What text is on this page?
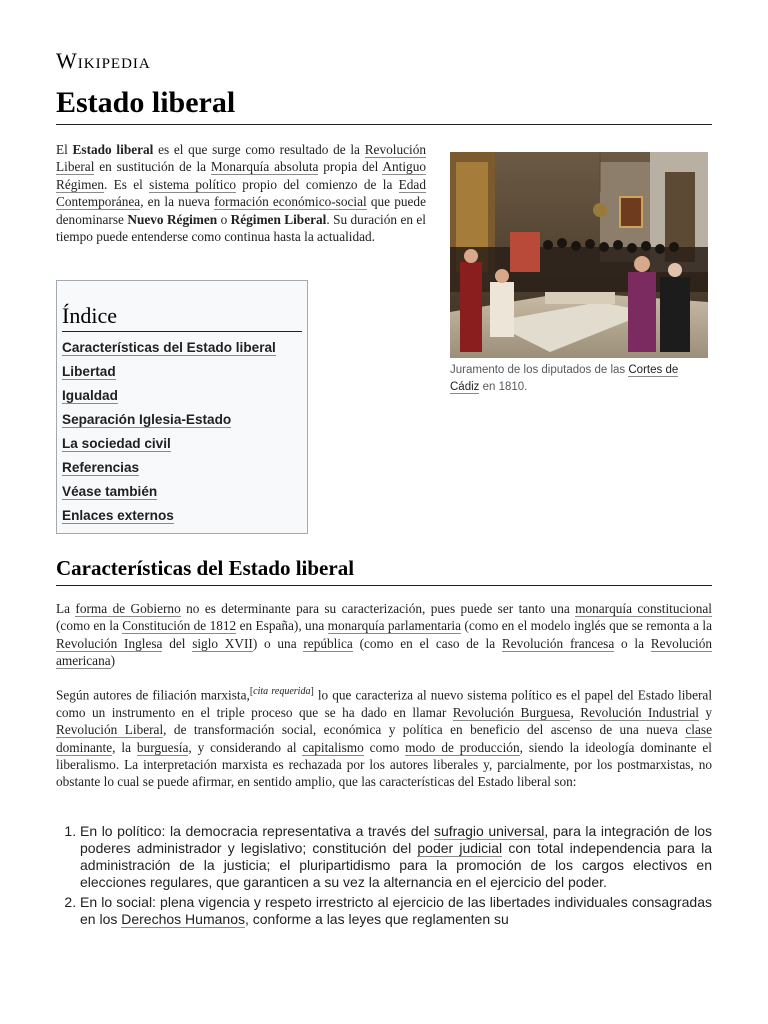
Wikipedia
Estado liberal

El Estado liberal es el que surge como resultado de la Revolución Liberal en sustitución de la Monarquía absoluta propia del Antiguo Régimen. Es el sistema político propio del comienzo de la Edad Contemporánea, en la nueva formación económico-social que puede denominarse Nuevo Régimen o Régimen Liberal. Su duración en el tiempo puede entenderse como continua hasta la actualidad.

Juramento de los diputados de las Cortes de Cádiz en 1810.
Índice
Características del Estado liberal
Libertad
Igualdad
Separación Iglesia-Estado
La sociedad civil
Referencias
Véase también
Enlaces externos
Características del Estado liberal

La forma de Gobierno no es determinante para su caracterización, pues puede ser tanto una monarquía constitucional (como en la Constitución de 1812 en España), una monarquía parlamentaria (como en el modelo inglés que se remonta a la Revolución Inglesa del siglo XVII) o una república (como en el caso de la Revolución francesa o la Revolución americana)

Según autores de filiación marxista,[cita requerida] lo que caracteriza al nuevo sistema político es el papel del Estado liberal como un instrumento en el triple proceso que se ha dado en llamar Revolución Burguesa, Revolución Industrial y Revolución Liberal, de transformación social, económica y política en beneficio del ascenso de una nueva clase dominante, la burguesía, y considerando al capitalismo como modo de producción, siendo la ideología dominante el liberalismo. La interpretación marxista es rechazada por los autores liberales y, parcialmente, por los postmarxistas, no obstante lo cual se puede afirmar, en sentido amplio, que las características del Estado liberal son:

1. En lo político: la democracia representativa a través del sufragio universal, para la integración de los poderes administrador y legislativo; constitución del poder judicial con total independencia para la administración de la justicia; el pluripartidismo para la promoción de los cargos electivos en elecciones regulares, que garanticen a su vez la alternancia en el ejercicio del poder.
2. En lo social: plena vigencia y respeto irrestricto al ejercicio de las libertades individuales consagradas en los Derechos Humanos, conforme a las leyes que reglamenten su
